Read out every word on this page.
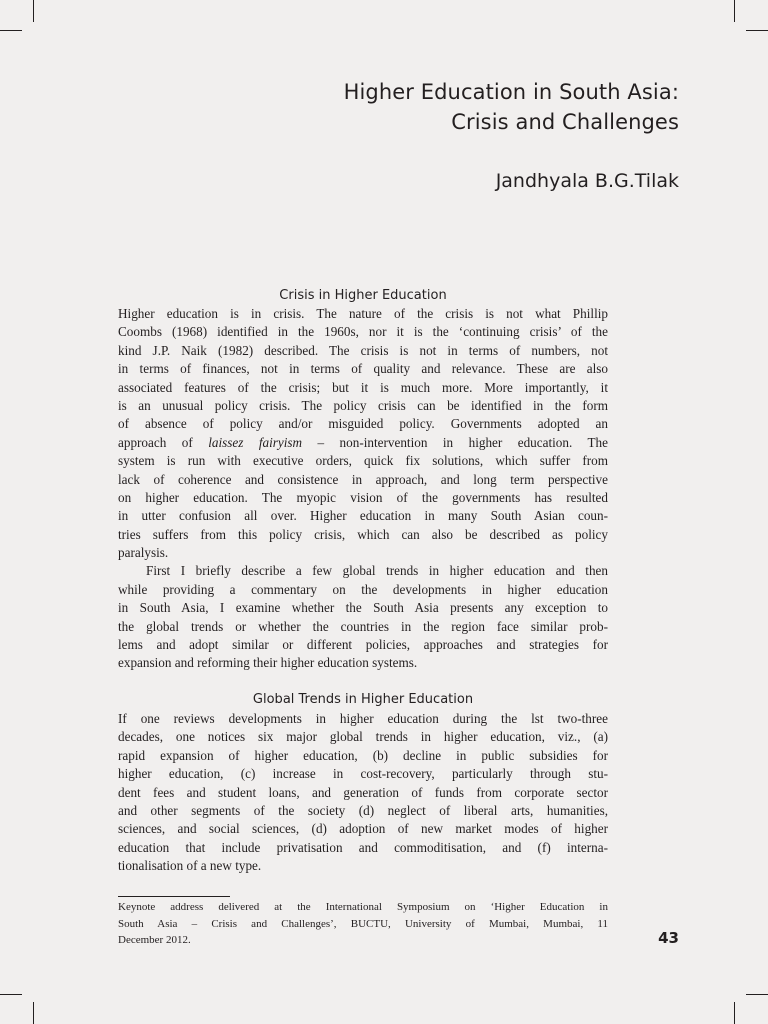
Higher Education in South Asia:
Crisis and Challenges
Jandhyala B.G.Tilak
Crisis in Higher Education
Higher education is in crisis. The nature of the crisis is not what Phillip
Coombs (1968) identified in the 1960s, nor it is the ‘continuing crisis’ of the
kind J.P. Naik (1982) described. The crisis is not in terms of numbers, not
in terms of finances, not in terms of quality and relevance. These are also
associated features of the crisis; but it is much more. More importantly, it
is an unusual policy crisis. The policy crisis can be identified in the form
of absence of policy and/or misguided policy. Governments adopted an
approach of laissez fairyism – non-intervention in higher education. The
system is run with executive orders, quick fix solutions, which suffer from
lack of coherence and consistence in approach, and long term perspective
on higher education. The myopic vision of the governments has resulted
in utter confusion all over. Higher education in many South Asian coun-
tries suffers from this policy crisis, which can also be described as policy
paralysis.
First I briefly describe a few global trends in higher education and then
while providing a commentary on the developments in higher education
in South Asia, I examine whether the South Asia presents any exception to
the global trends or whether the countries in the region face similar prob-
lems and adopt similar or different policies, approaches and strategies for
expansion and reforming their higher education systems.
Global Trends in Higher Education
If one reviews developments in higher education during the lst two-three
decades, one notices six major global trends in higher education, viz., (a)
rapid expansion of higher education, (b) decline in public subsidies for
higher education, (c) increase in cost-recovery, particularly through stu-
dent fees and student loans, and generation of funds from corporate sector
and other segments of the society (d) neglect of liberal arts, humanities,
sciences, and social sciences, (d) adoption of new market modes of higher
education that include privatisation and commoditisation, and (f) interna-
tionalisation of a new type.
Keynote address delivered at the International Symposium on ‘Higher Education in
South Asia – Crisis and Challenges’, BUCTU, University of Mumbai, Mumbai, 11
December 2012.	43
